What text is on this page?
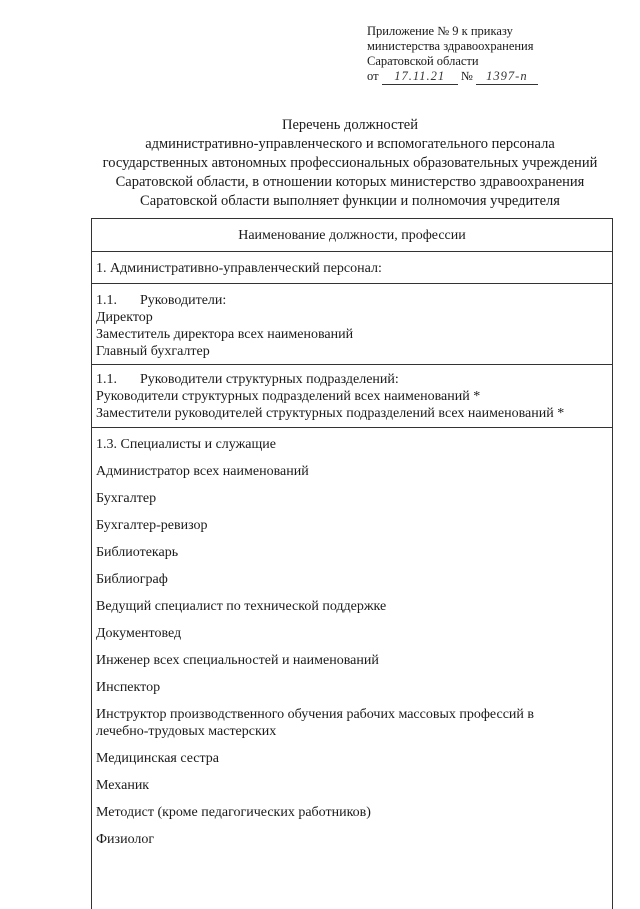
Приложение № 9 к приказу
министерства здравоохранения
Саратовской области
от 17.11.21 № 1397-п
Перечень должностей
административно-управленческого и вспомогательного персонала
государственных автономных профессиональных образовательных учреждений
Саратовской области, в отношении которых министерство здравоохранения
Саратовской области выполняет функции и полномочия учредителя
Наименование должности, профессии
1. Административно-управленческий персонал:
1.1. Руководители:
Директор
Заместитель директора всех наименований
Главный бухгалтер
1.1. Руководители структурных подразделений:
Руководители структурных подразделений всех наименований *
Заместители руководителей структурных подразделений всех наименований *
1.3. Специалисты и служащие
Администратор всех наименований
Бухгалтер
Бухгалтер-ревизор
Библиотекарь
Библиограф
Ведущий специалист по технической поддержке
Документовед
Инженер всех специальностей и наименований
Инспектор
Инструктор производственного обучения рабочих массовых профессий в
лечебно-трудовых мастерских
Медицинская сестра
Механик
Методист (кроме педагогических работников)
Физиолог
